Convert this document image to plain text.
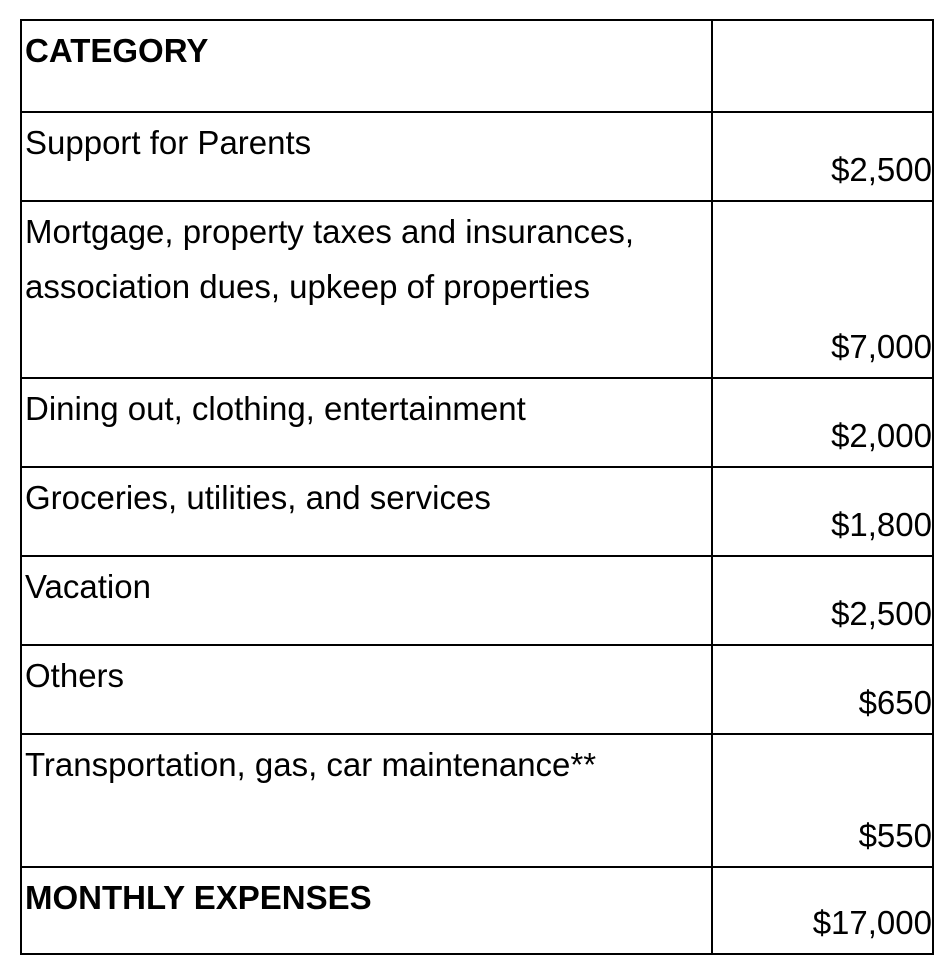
CATEGORY
Support for Parents
$2,500
Mortgage, property taxes and insurances,
association dues, upkeep of properties
$7,000
Dining out, clothing, entertainment
$2,000
Groceries, utilities, and services
$1,800
Vacation
$2,500
Others
$650
Transportation, gas, car maintenance**
$550
MONTHLY EXPENSES
$17,000
